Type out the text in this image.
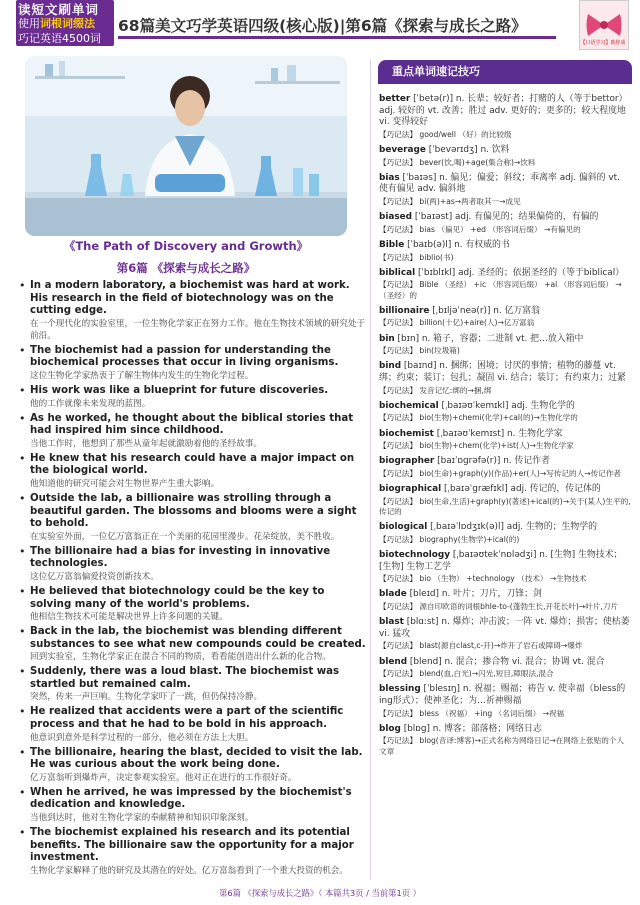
读短文刷单词
使用词根词缀法
巧记英语4500词
68篇美文巧学英语四级(核心版)|第6篇《探索与成长之路》
【口语学习】助你成
《The Path of Discovery and Growth》
第6篇 《探索与成长之路》
• In a modern laboratory, a biochemist was hard at work. His research in the field of biotechnology was on the cutting edge.
在一个现代化的实验室里，一位生物化学家正在努力工作。他在生物技术领域的研究处于前沿。
• The biochemist had a passion for understanding the biochemical processes that occur in living organisms.
这位生物化学家热衷于了解生物体内发生的生物化学过程。
• His work was like a blueprint for future discoveries.
他的工作就像未来发现的蓝图。
• As he worked, he thought about the biblical stories that had inspired him since childhood.
当他工作时，他想到了那些从童年起就激励着他的圣经故事。
• He knew that his research could have a major impact on the biological world.
他知道他的研究可能会对生物世界产生重大影响。
• Outside the lab, a billionaire was strolling through a beautiful garden. The blossoms and blooms were a sight to behold.
在实验室外面，一位亿万富翁正在一个美丽的花园里漫步。花朵绽放，美不胜收。
• The billionaire had a bias for investing in innovative technologies.
这位亿万富翁偏爱投资创新技术。
• He believed that biotechnology could be the key to solving many of the world's problems.
他相信生物技术可能是解决世界上许多问题的关键。
• Back in the lab, the biochemist was blending different substances to see what new compounds could be created.
回到实验室，生物化学家正在混合不同的物质，看看能创造出什么新的化合物。
• Suddenly, there was a loud blast. The biochemist was startled but remained calm.
突然，传来一声巨响。生物化学家吓了一跳，但仍保持冷静。
• He realized that accidents were a part of the scientific process and that he had to be bold in his approach.
他意识到意外是科学过程的一部分，他必须在方法上大胆。
• The billionaire, hearing the blast, decided to visit the lab. He was curious about the work being done.
亿万富翁听到爆炸声，决定参观实验室。他对正在进行的工作很好奇。
• When he arrived, he was impressed by the biochemist's dedication and knowledge.
当他到达时，他对生物化学家的奉献精神和知识印象深刻。
• The biochemist explained his research and its potential benefits. The billionaire saw the opportunity for a major investment.
生物化学家解释了他的研究及其潜在的好处。亿万富翁看到了一个重大投资的机会。
重点单词速记技巧
better [ˈbetə(r)] n. 长辈；较好者；打赌的人（等于bettor） adj. 较好的 vt. 改善；胜过 adv. 更好的；更多的；较大程度地 vi. 变得较好
【巧记法】 good/well （好）的比较级
beverage [ˈbevərɪdʒ] n. 饮料
【巧记法】 bever(饮,喝)+age(集合称)→饮料
bias [ˈbaɪəs] n. 偏见；偏爱；斜纹；乖离率 adj. 偏斜的 vt. 使有偏见 adv. 偏斜地
【巧记法】 bi(两)+as→两者取其一→成见
biased [ˈbaɪəst] adj. 有偏见的；结果偏倚的，有偏的
【巧记法】 bias （偏见） +ed （形容词后缀） →有偏见的
Bible [ˈbaɪb(ə)l] n. 有权威的书
【巧记法】 biblio(书)
biblical [ˈbɪblɪkl] adj. 圣经的；依据圣经的（等于biblical）
【巧记法】 Bible （圣经） +ic （形容词后缀） +al （形容词后缀） → （圣经）的
billionaire [ˌbɪljəˈneə(r)] n. 亿万富翁
【巧记法】 billion(十亿)+aire(人)→亿万富翁
bin [bɪn] n. 箱子，容器；二进制 vt. 把…放入箱中
【巧记法】 bin(垃圾箱)
bind [baɪnd] n. 捆绑；困境；讨厌的事情；植物的藤蔓 vt. 绑；约束；装订；包扎；凝固 vi. 结合；装订；有约束力；过紧
【巧记法】 发音记忆:绑的→捆,绑
biochemical [ˌbaɪəʊˈkemɪkl] adj. 生物化学的
【巧记法】 bio(生物)+chemi(化学)+cal(的)→生物化学的
biochemist [ˌbaɪəʊˈkemɪst] n. 生物化学家
【巧记法】 bio(生物)+chem(化学)+ist(人)→生物化学家
biographer [baɪˈɒgrəfə(r)] n. 传记作者
【巧记法】 bio(生命)+graph(y)(作品)+er(人)→写传记的人→传记作者
biographical [ˌbaɪəˈgræfɪkl] adj. 传记的，传记体的
【巧记法】 bio(生命,生活)+graph(y)(著述)+ical(的)→关于(某人)生平的,传记的
biological [ˌbaɪəˈlɒdʒɪk(ə)l] adj. 生物的；生物学的
【巧记法】 biography(生物学)+ical(的)
biotechnology [ˌbaɪəʊtekˈnɒlədʒi] n. [生物] 生物技术；[生物] 生物工艺学
【巧记法】 bio （生物） +technology （技术） →生物技术
blade [bleɪd] n. 叶片；刀片，刀锋；剑
【巧记法】 源自印欧语的词根bhle-to-(蓬勃生长,开花长叶)→叶片,刀片
blast [blɑːst] n. 爆炸；冲击波；一阵 vt. 爆炸；损害；使枯萎 vi. 猛攻
【巧记法】 blast(源自clast,c-开)→炸开了岩石或障碍→爆炸
blend [blend] n. 混合；掺合物 vi. 混合；协调 vt. 混合
【巧记法】 blend(血,白光)→闪光,短目,障眼法,混合
blessing [ˈblesɪŋ] n. 祝福；赐福；祷告 v. 使幸福（bless的ing形式）；使神圣化；为…祈神赐福
【巧记法】 bless （祝福） +ing （名词后缀） →祝福
blog [blɒg] n. 博客；部落格；网络日志
【巧记法】 blog(音译:博客)→正式名称为网络日记→在网络上张贴的个人文章
第6篇 《探索与成长之路》（ 本篇共3页 / 当前第1页 ）
